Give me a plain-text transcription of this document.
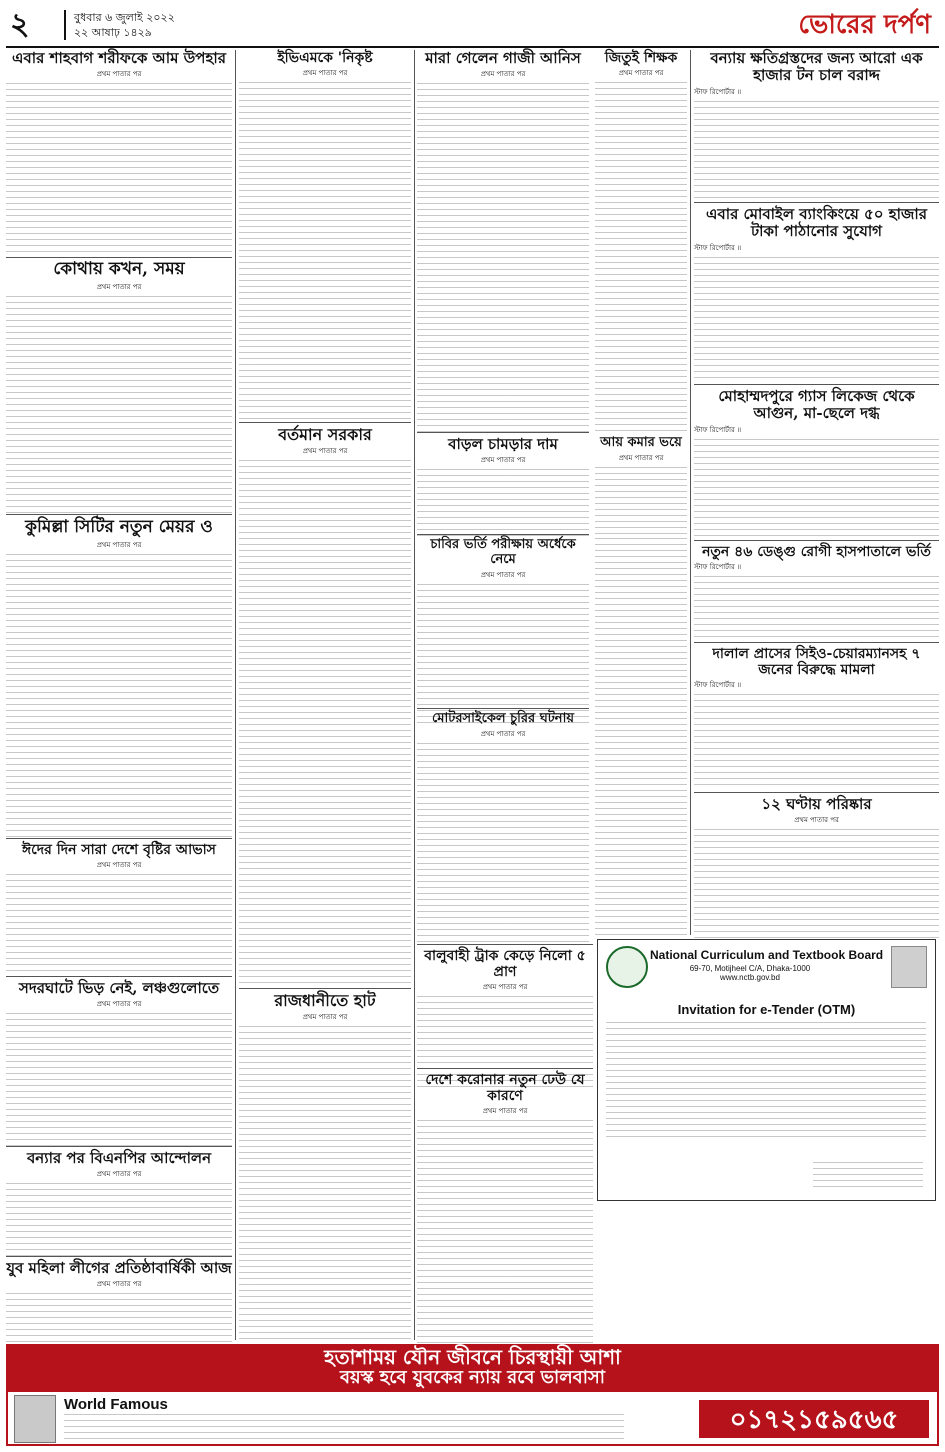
২	বুধবার ৬ জুলাই ২০২২
২২ আষাঢ় ১৪২৯	ভোরের দর্পণ
এবার শাহবাগ শরীফকে আম উপহার
প্রথম পাতার পর
কোথায় কখন, সময়
প্রথম পাতার পর
কুমিল্লা সিটির নতুন মেয়র ও
প্রথম পাতার পর
ঈদের দিন সারা দেশে বৃষ্টির আভাস
প্রথম পাতার পর
সদরঘাটে ভিড় নেই, লঞ্চগুলোতে
প্রথম পাতার পর
বন্যার পর বিএনপির আন্দোলন
প্রথম পাতার পর
যুব মহিলা লীগের প্রতিষ্ঠাবার্ষিকী আজ
প্রথম পাতার পর
ইভিএমকে 'নিকৃষ্ট
প্রথম পাতার পর
বর্তমান সরকার
প্রথম পাতার পর
রাজধানীতে হাট
প্রথম পাতার পর
মারা গেলেন গাজী আনিস
প্রথম পাতার পর
জিতুই শিক্ষক
প্রথম পাতার পর
বাড়ল চামড়ার দাম
প্রথম পাতার পর
আয় কমার ভয়ে
প্রথম পাতার পর
চাবির ভর্তি পরীক্ষায় অর্ধেকে নেমে
প্রথম পাতার পর
মোটরসাইকেল চুরির ঘটনায়
প্রথম পাতার পর
বালুবাহী ট্রাক কেড়ে নিলো ৫ প্রাণ
প্রথম পাতার পর
দেশে করোনার নতুন ঢেউ যে কারণে
প্রথম পাতার পর
বন্যায় ক্ষতিগ্রস্তদের জন্য আরো এক হাজার টন চাল বরাদ্দ
স্টাফ রিপোর্টার ॥
এবার মোবাইল ব্যাংকিংয়ে ৫০ হাজার টাকা পাঠানোর সুযোগ
স্টাফ রিপোর্টার ॥
মোহাম্মদপুরে গ্যাস লিকেজ থেকে আগুন, মা-ছেলে দগ্ধ
স্টাফ রিপোর্টার ॥
নতুন ৪৬ ডেঙ্গু রোগী হাসপাতালে ভর্তি
স্টাফ রিপোর্টার ॥
দালাল প্রাসের সিইও-চেয়ারম্যানসহ ৭ জনের বিরুদ্ধে মামলা
স্টাফ রিপোর্টার ॥
১২ ঘণ্টায় পরিষ্কার
প্রথম পাতার পর
National Curriculum and Textbook Board
69-70, Motijheel C/A, Dhaka-1000
www.nctb.gov.bd
Invitation for e-Tender (OTM)
হতাশাময় যৌন জীবনে চিরস্থায়ী আশা
বয়স্ক হবে যুবকের ন্যায় রবে ভালবাসা
World Famous	০১৭২১৫৯৫৬৫
